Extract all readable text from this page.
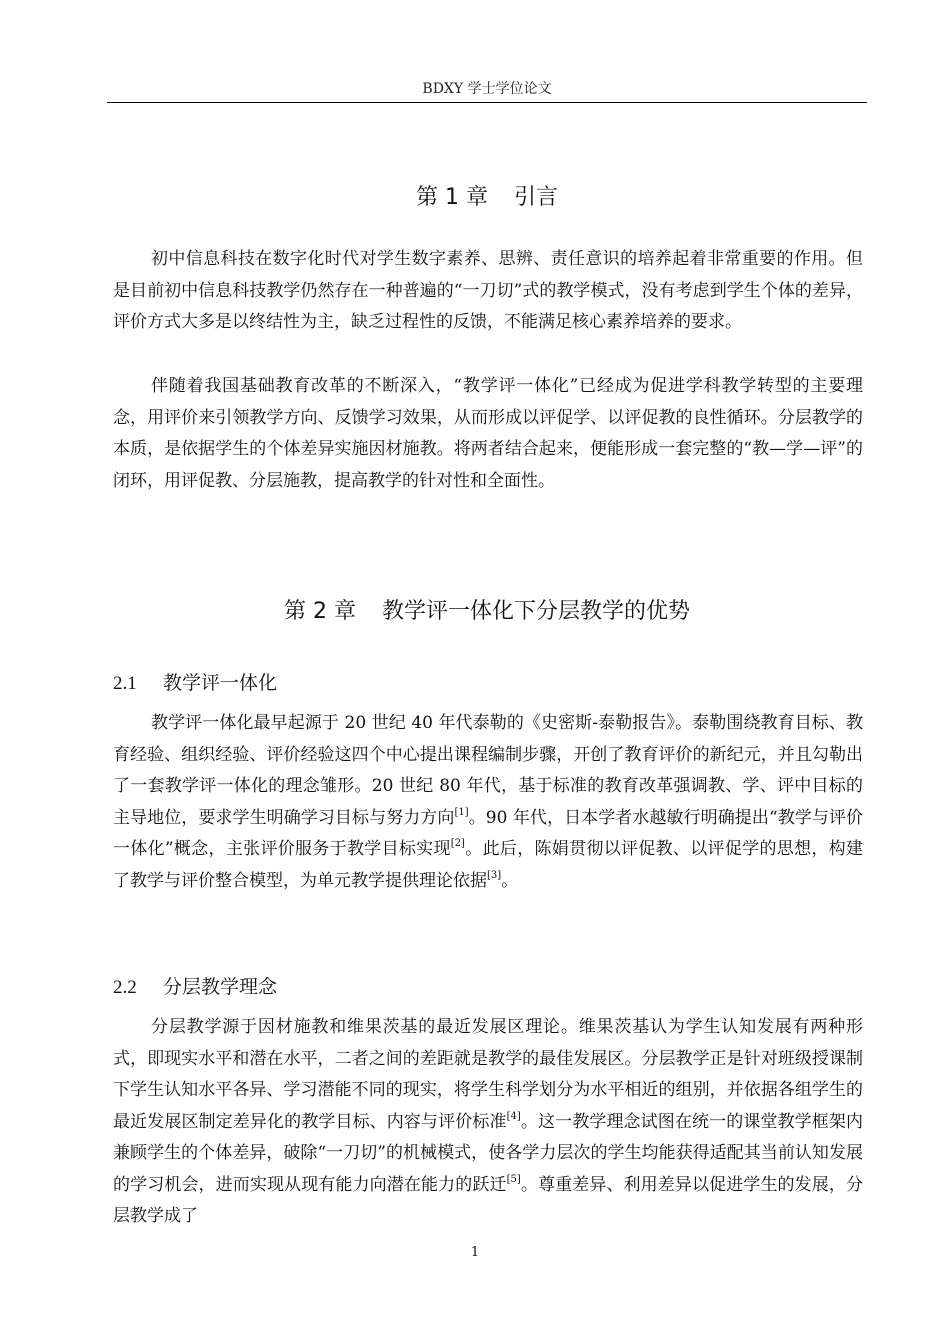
BDXY 学士学位论文
第 1 章 引言

初中信息科技在数字化时代对学生数字素养、思辨、责任意识的培养起着非常重要的作用。但是目前初中信息科技教学仍然存在一种普遍的“一刀切”式的教学模式，没有考虑到学生个体的差异，评价方式大多是以终结性为主，缺乏过程性的反馈，不能满足核心素养培养的要求。

伴随着我国基础教育改革的不断深入，“教学评一体化”已经成为促进学科教学转型的主要理念，用评价来引领教学方向、反馈学习效果，从而形成以评促学、以评促教的良性循环。分层教学的本质，是依据学生的个体差异实施因材施教。将两者结合起来，便能形成一套完整的“教—学—评”的闭环，用评促教、分层施教，提高教学的针对性和全面性。

第 2 章 教学评一体化下分层教学的优势
2.1 教学评一体化

教学评一体化最早起源于 20 世纪 40 年代泰勒的《史密斯-泰勒报告》。泰勒围绕教育目标、教育经验、组织经验、评价经验这四个中心提出课程编制步骤，开创了教育评价的新纪元，并且勾勒出了一套教学评一体化的理念雏形。20 世纪 80 年代，基于标准的教育改革强调教、学、评中目标的主导地位，要求学生明确学习目标与努力方向[1]。90 年代，日本学者水越敏行明确提出“教学与评价一体化”概念，主张评价服务于教学目标实现[2]。此后，陈娟贯彻以评促教、以评促学的思想，构建了教学与评价整合模型，为单元教学提供理论依据[3]。

2.2 分层教学理念

分层教学源于因材施教和维果茨基的最近发展区理论。维果茨基认为学生认知发展有两种形式，即现实水平和潜在水平，二者之间的差距就是教学的最佳发展区。分层教学正是针对班级授课制下学生认知水平各异、学习潜能不同的现实，将学生科学划分为水平相近的组别，并依据各组学生的最近发展区制定差异化的教学目标、内容与评价标准[4]。这一教学理念试图在统一的课堂教学框架内兼顾学生的个体差异，破除“一刀切”的机械模式，使各学力层次的学生均能获得适配其当前认知发展的学习机会，进而实现从现有能力向潜在能力的跃迁[5]。尊重差异、利用差异以促进学生的发展，分层教学成了

1
